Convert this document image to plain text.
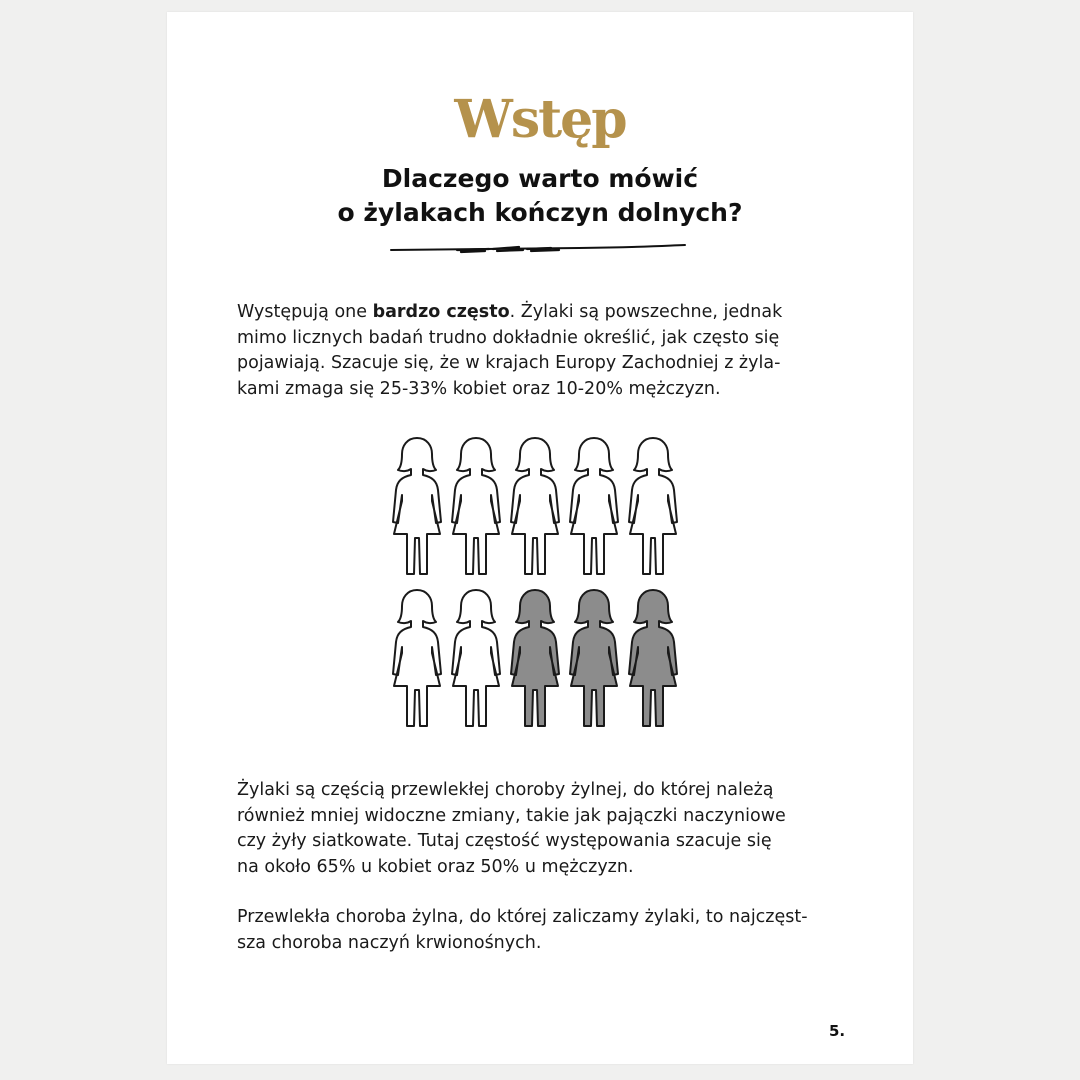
Wstęp
Dlaczego warto mówić
o żylakach kończyn dolnych?

Występują one bardzo często. Żylaki są powszechne, jednak
mimo licznych badań trudno dokładnie określić, jak często się
pojawiają. Szacuje się, że w krajach Europy Zachodniej z żyla-
kami zmaga się 25-33% kobiet oraz 10-20% mężczyzn.

Żylaki są częścią przewlekłej choroby żylnej, do której należą
również mniej widoczne zmiany, takie jak pajączki naczyniowe
czy żyły siatkowate. Tutaj częstość występowania szacuje się
na około 65% u kobiet oraz 50% u mężczyzn.

Przewlekła choroba żylna, do której zaliczamy żylaki, to najczęst-
sza choroba naczyń krwionośnych.

5.
